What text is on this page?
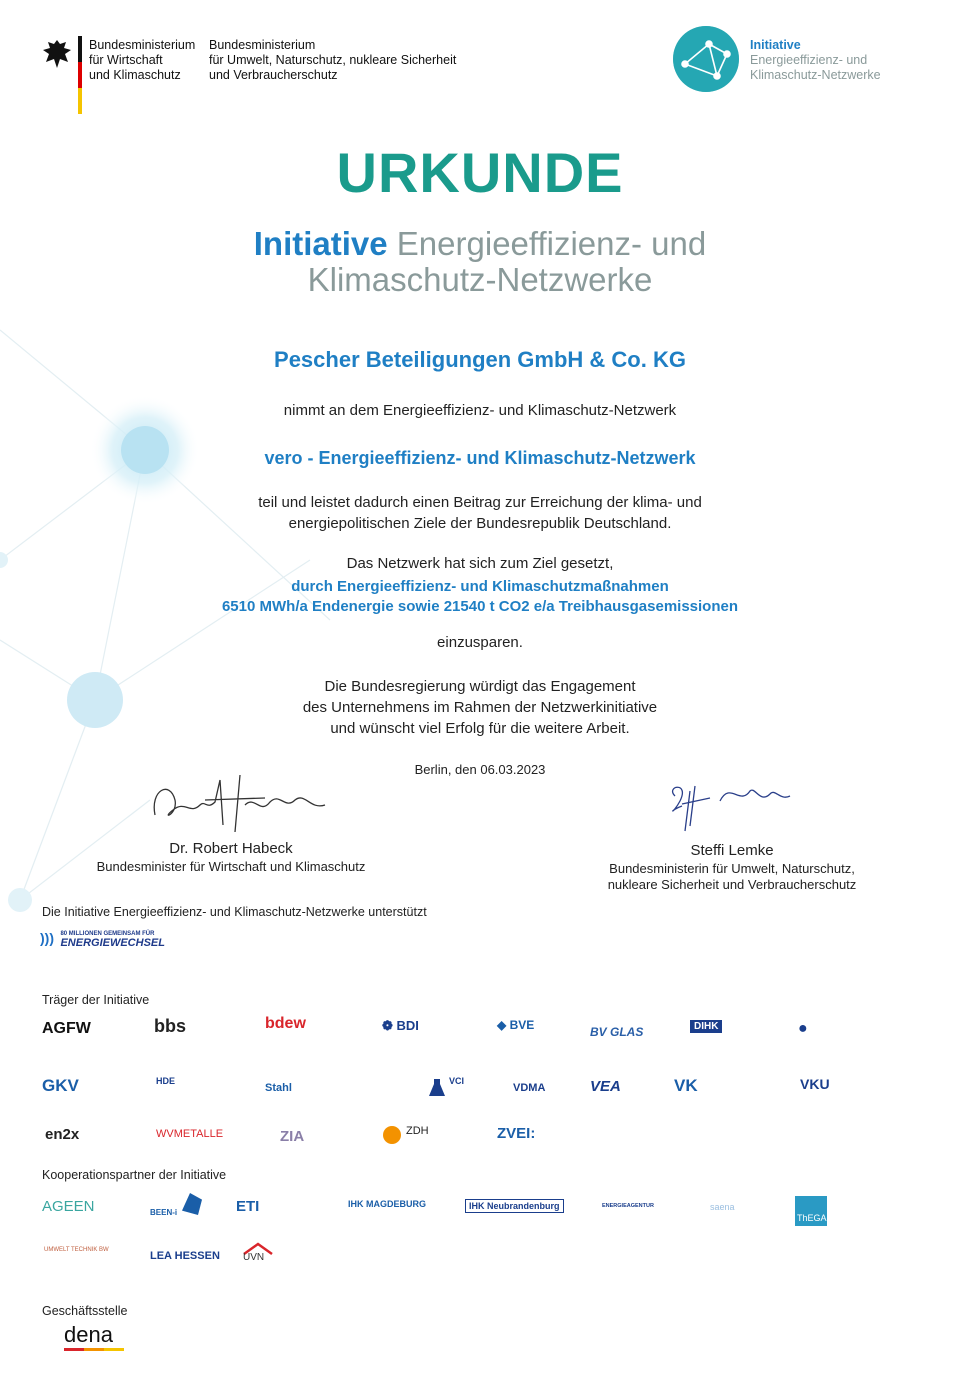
Bundesministerium
für Wirtschaft
und Klimaschutz
Bundesministerium
für Umwelt, Naturschutz, nukleare Sicherheit
und Verbraucherschutz
Initiative
Energieeffizienz- und
Klimaschutz-Netzwerke
URKUNDE
Initiative Energieeffizienz- und
Klimaschutz-Netzwerke
Pescher Beteiligungen GmbH & Co. KG
nimmt an dem Energieeffizienz- und Klimaschutz-Netzwerk
vero - Energieeffizienz- und Klimaschutz-Netzwerk
teil und leistet dadurch einen Beitrag zur Erreichung der klima- und
energiepolitischen Ziele der Bundesrepublik Deutschland.
Das Netzwerk hat sich zum Ziel gesetzt,
durch Energieeffizienz- und Klimaschutzmaßnahmen
6510 MWh/a Endenergie sowie 21540 t CO2 e/a Treibhausgasemissionen
einzusparen.
Die Bundesregierung würdigt das Engagement
des Unternehmens im Rahmen der Netzwerkinitiative
und wünscht viel Erfolg für die weitere Arbeit.
Berlin, den 06.03.2023
Dr. Robert Habeck
Bundesminister für Wirtschaft und Klimaschutz
Steffi Lemke
Bundesministerin für Umwelt, Naturschutz,
nukleare Sicherheit und Verbraucherschutz
Die Initiative Energieeffizienz- und Klimaschutz-Netzwerke unterstützt
))) 80 MILLIONEN GEMEINSAM FÜR
ENERGIEWECHSEL
Träger der Initiative
AGFW	bbs	bdew	❁ BDI	◆ BVE	BV GLAS	DIHK	●
GKV	HDE
Stahl
VCI
VDMA	VEA	VK	VKU
en2x	WVMETALLE	ZIA	ZDH	ZVEI:
Kooperationspartner der Initiative
AGEEN	BEEN-i	ETI	IHK MAGDEBURG	IHK Neubrandenburg	ENERGIEAGENTUR	saena
ThEGA
UMWELT TECHNIK BW	LEA HESSEN UVN
Geschäftsstelle
dena
